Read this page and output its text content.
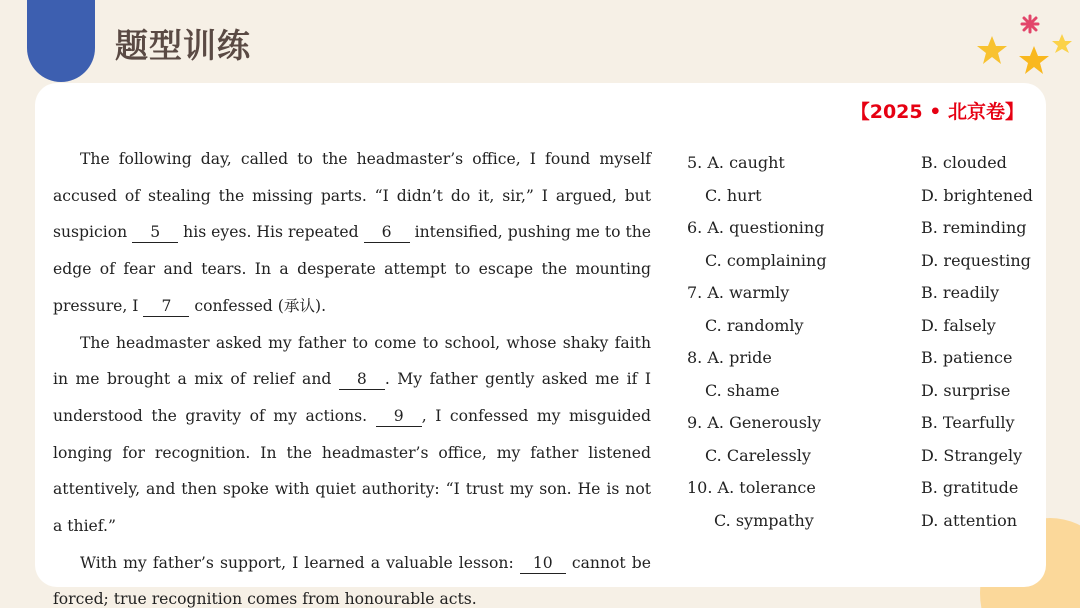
题型训练
【2025 • 北京卷】

The following day, called to the headmaster’s office, I found myself accused of stealing the missing parts. “I didn’t do it, sir,” I argued, but suspicion 5 his eyes. His repeated 6 intensified, pushing me to the edge of fear and tears. In a desperate attempt to escape the mounting pressure, I 7 confessed (承认).

The headmaster asked my father to come to school, whose shaky faith in me brought a mix of relief and 8 . My father gently asked me if I understood the gravity of my actions. 9 , I confessed my misguided longing for recognition. In the headmaster’s office, my father listened attentively, and then spoke with quiet authority: “I trust my son. He is not a thief.”

With my father’s support, I learned a valuable lesson: 10 cannot be forced; true recognition comes from honourable acts.

5. A. caught	B. clouded
C. hurt	D. brightened
6. A. questioning	B. reminding
C. complaining	D. requesting
7. A. warmly	B. readily
C. randomly	D. falsely
8. A. pride	B. patience
C. shame	D. surprise
9. A. Generously	B. Tearfully
C. Carelessly	D. Strangely
10. A. tolerance	B. gratitude
C. sympathy	D. attention
